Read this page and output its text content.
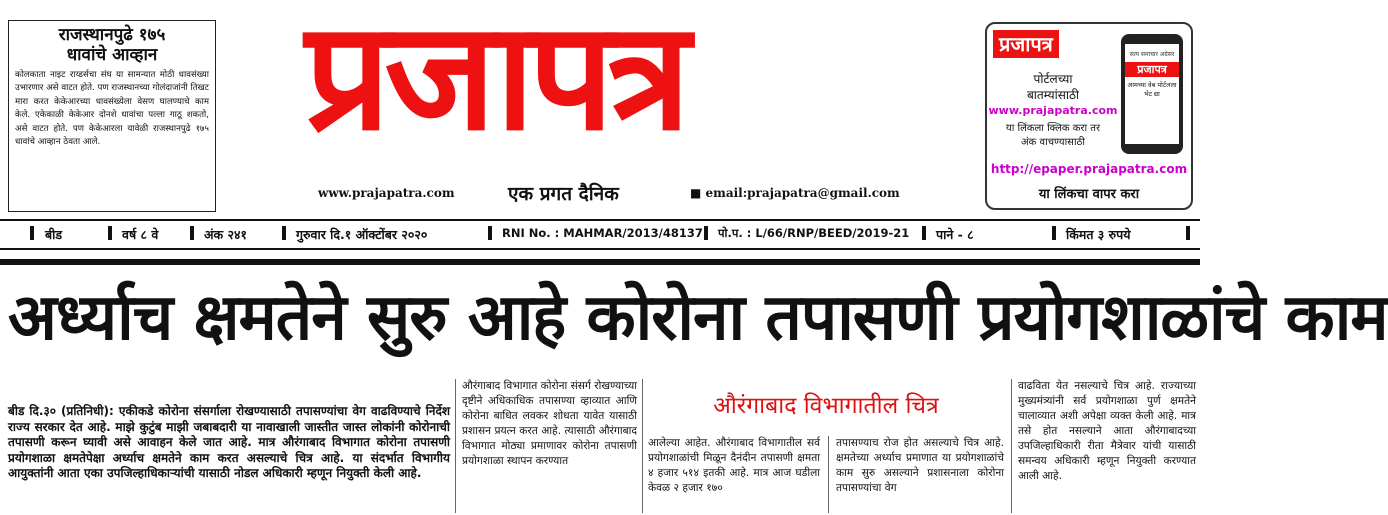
राजस्थानपुढे १७५
धावांचे आव्हान
कोलकाता नाइट राय्डर्सचा संघ या सामन्यात मोठी धावसंख्या उभारणार असे वाटत होते. पण राजस्थानच्या गोलंदाजांनी तिखट मारा करत केकेआरच्या धावसंख्येला वेसण घालण्याचे काम केले. एकेकाळी केकेआर दोनशे धावांचा पल्ला गाठू शकतो, असे वाटत होते. पण केकेआरला यावेळी राजस्थानपुढे १७५ धावांचे आव्हान ठेवता आले.	प्रजापत्र
www.prajapatra.com	एक प्रगत दैनिक	■ email:prajapatra@gmail.com
प्रजापत्र
पोर्टलच्या
बातम्यांसाठी
www.prajapatra.com
या लिंकला क्लिक करा तर
अंक वाचण्यासाठी
सत्य समाचार अग्रेसर
प्रजापत्र
आमच्या वेब पोर्टलला भेट द्या
http://epaper.prajapatra.com
या लिंकचा वापर करा
बीड	वर्ष ८ वे	अंक २४१	गुरुवार दि.१ ऑक्टोंबर २०२०	RNI No. : MAHMAR/2013/48137 पो.प. : L/66/RNP/BEED/2019-21 पाने - ८	किंमत ३ रुपये
अर्ध्याच क्षमतेने सुरु आहे कोरोना तपासणी प्रयोगशाळांचे काम
औरंगाबाद विभागातील चित्र
बीड दि.३० (प्रतिनिधी): एकीकडे कोरोना संसर्गाला रोखण्यासाठी तपासण्यांचा वेग वाढविण्याचे निर्देश राज्य सरकार देत आहे. माझे कुटुंब माझी जबाबदारी या नावाखाली जास्तीत जास्त लोकांनी कोरोनाची तपासणी करून घ्यावी असे आवाहन केले जात आहे. मात्र औरंगाबाद विभागात कोरोना तपासणी प्रयोगशाळा क्षमतेपेक्षा अर्ध्याच क्षमतेने काम करत असल्याचे चित्र आहे. या संदर्भात विभागीय आयुक्तांनी आता एका उपजिल्हाधिकाऱ्यांची यासाठी नोडल अधिकारी म्हणून नियुक्ती केली आहे.
औरंगाबाद विभागात कोरोना संसर्ग रोखण्याच्या दृष्टीने अधिकाधिक तपासण्या व्हाव्यात आणि कोरोना बाधित लवकर शोधता यावेत यासाठी प्रशासन प्रयत्न करत आहे. त्यासाठी औरंगाबाद विभागात मोठ्या प्रमाणावर कोरोना तपासणी प्रयोगशाळा स्थापन करण्यात
आलेल्या आहेत. औरंगाबाद विभागातील सर्व प्रयोगशाळांची मिळून दैनंदीन तपासणी क्षमता ४ हजार ५१४ इतकी आहे. मात्र आज घडीला केवळ २ हजार १७०
तपासण्याच रोज होत असल्याचे चित्र आहे. क्षमतेच्या अर्ध्याच प्रमाणात या प्रयोगशाळांचे काम सुरु असल्याने प्रशासनाला कोरोना तपासण्यांचा वेग
वाढविता येत नसल्याचे चित्र आहे. राज्याच्या मुख्यमंत्र्यांनी सर्व प्रयोगशाळा पुर्ण क्षमतेने चालाव्यात अशी अपेक्षा व्यक्त केली आहे. मात्र तसे होत नसल्याने आता औरंगाबादच्या उपजिल्हाधिकारी रीता मैत्रेवार यांची यासाठी समन्वय अधिकारी म्हणून नियुक्ती करण्यात आली आहे.
